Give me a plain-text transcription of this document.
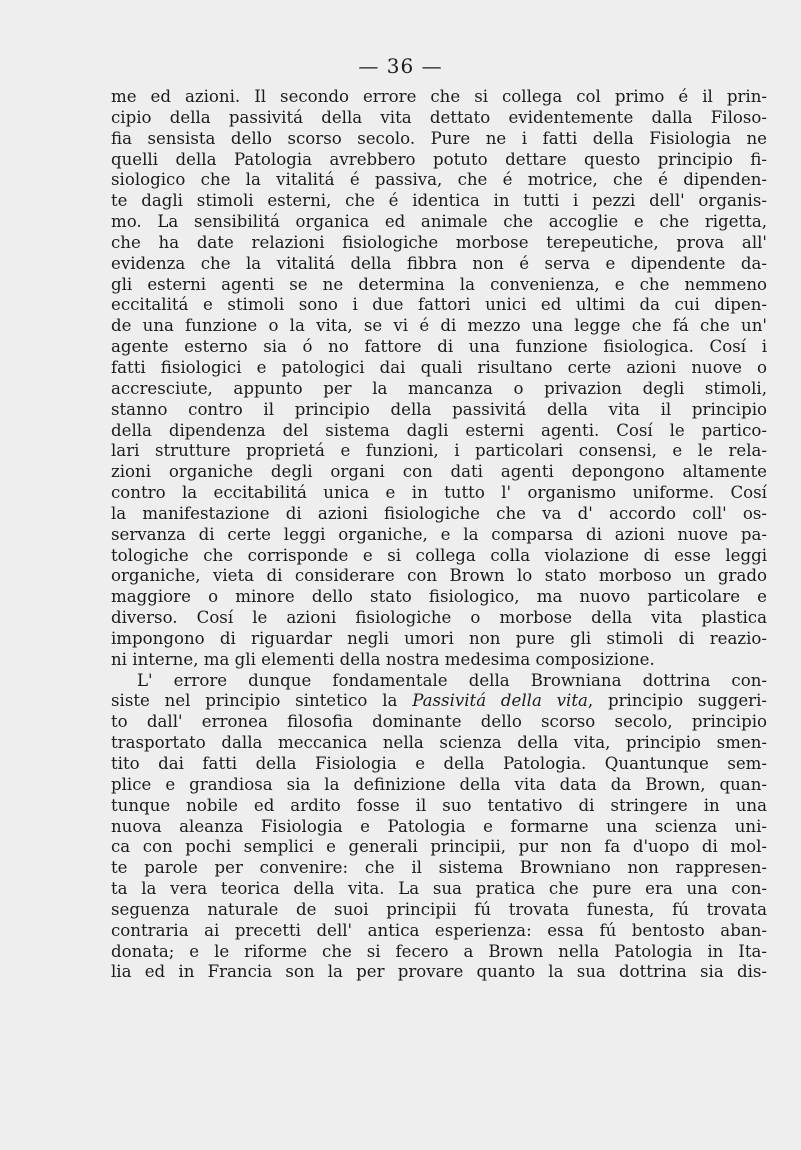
— 36 —
me ed azioni. Il secondo errore che si collega col primo é il prin-
cipio della passivitá della vita dettato evidentemente dalla Filoso-
fia sensista dello scorso secolo. Pure ne i fatti della Fisiologia ne
quelli della Patologia avrebbero potuto dettare questo principio fi-
siologico che la vitalitá é passiva, che é motrice, che é dipenden-
te dagli stimoli esterni, che é identica in tutti i pezzi dell' organis-
mo. La sensibilitá organica ed animale che accoglie e che rigetta,
che ha date relazioni fisiologiche morbose terepeutiche, prova all'
evidenza che la vitalitá della fibbra non é serva e dipendente da-
gli esterni agenti se ne determina la convenienza, e che nemmeno
eccitalitá e stimoli sono i due fattori unici ed ultimi da cui dipen-
de una funzione o la vita, se vi é di mezzo una legge che fá che un'
agente esterno sia ó no fattore di una funzione fisiologica. Cosí i
fatti fisiologici e patologici dai quali risultano certe azioni nuove o
accresciute, appunto per la mancanza o privazion degli stimoli,
stanno contro il principio della passivitá della vita il principio
della dipendenza del sistema dagli esterni agenti. Cosí le partico-
lari strutture proprietá e funzioni, i particolari consensi, e le rela-
zioni organiche degli organi con dati agenti depongono altamente
contro la eccitabilitá unica e in tutto l' organismo uniforme. Cosí
la manifestazione di azioni fisiologiche che va d' accordo coll' os-
servanza di certe leggi organiche, e la comparsa di azioni nuove pa-
tologiche che corrisponde e si collega colla violazione di esse leggi
organiche, vieta di considerare con Brown lo stato morboso un grado
maggiore o minore dello stato fisiologico, ma nuovo particolare e
diverso. Cosí le azioni fisiologiche o morbose della vita plastica
impongono di riguardar negli umori non pure gli stimoli di reazio-
ni interne, ma gli elementi della nostra medesima composizione.
L' errore dunque fondamentale della Browniana dottrina con-
siste nel principio sintetico la Passivitá della vita, principio suggeri-
to dall' erronea filosofia dominante dello scorso secolo, principio
trasportato dalla meccanica nella scienza della vita, principio smen-
tito dai fatti della Fisiologia e della Patologia. Quantunque sem-
plice e grandiosa sia la definizione della vita data da Brown, quan-
tunque nobile ed ardito fosse il suo tentativo di stringere in una
nuova aleanza Fisiologia e Patologia e formarne una scienza uni-
ca con pochi semplici e generali principii, pur non fa d'uopo di mol-
te parole per convenire: che il sistema Browniano non rappresen-
ta la vera teorica della vita. La sua pratica che pure era una con-
seguenza naturale de suoi principii fú trovata funesta, fú trovata
contraria ai precetti dell' antica esperienza: essa fú bentosto aban-
donata; e le riforme che si fecero a Brown nella Patologia in Ita-
lia ed in Francia son la per provare quanto la sua dottrina sia dis-
